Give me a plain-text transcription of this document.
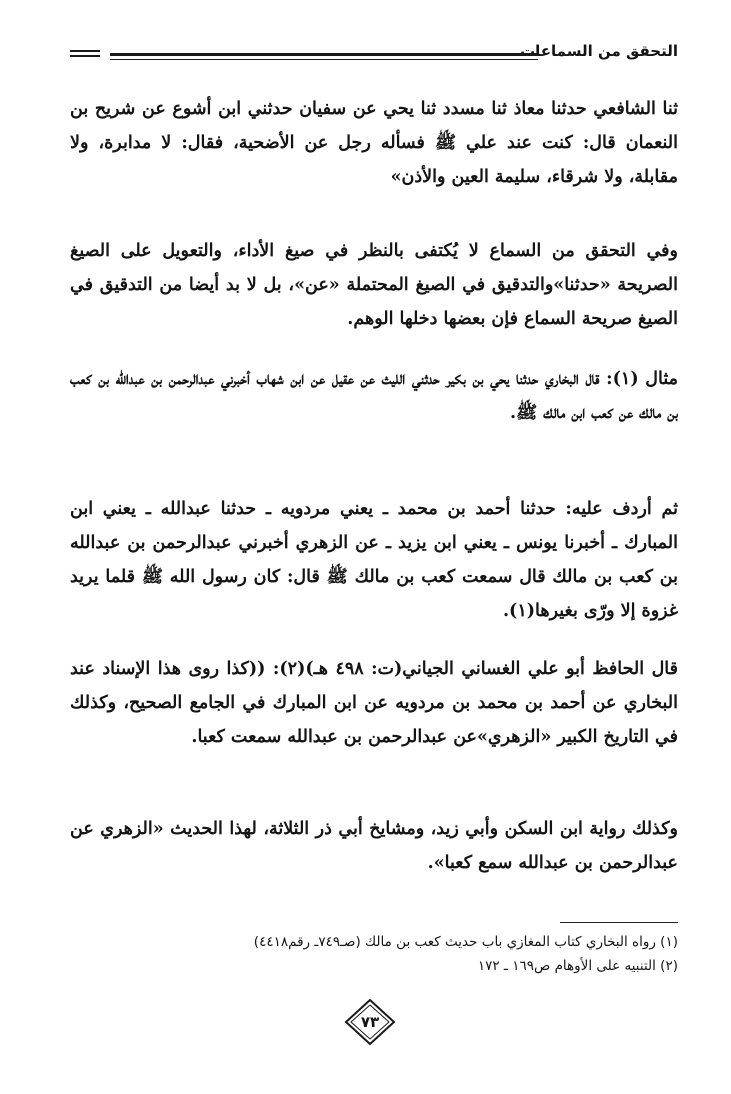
التحقق من السماعات

ثنا الشافعي حدثنا معاذ ثنا مسدد ثنا يحي عن سفيان حدثني ابن أشوع عن شريح بن النعمان قال: كنت عند علي ﷺ فسأله رجل عن الأضحية، فقال: لا مدابرة، ولا مقابلة، ولا شرقاء، سليمة العين والأذن»

وفي التحقق من السماع لا يُكتفى بالنظر في صيغ الأداء، والتعويل على الصيغ الصريحة «حدثنا»والتدقيق في الصيغ المحتملة «عن»، بل لا بد أيضا من التدقيق في الصيغ صريحة السماع فإن بعضها دخلها الوهم.

مثال (١): قال البخاري حدثنا يحي بن بكير حدثني الليث عن عقيل عن ابن شهاب أخبرني عبدالرحمن بن عبدالله بن كعب بن مالك عن كعب ابن مالك ﷺ.

ثم أردف عليه: حدثنا أحمد بن محمد ـ يعني مردويه ـ حدثنا عبدالله ـ يعني ابن المبارك ـ أخبرنا يونس ـ يعني ابن يزيد ـ عن الزهري أخبرني عبدالرحمن بن عبدالله بن كعب بن مالك قال سمعت كعب بن مالك ﷺ قال: كان رسول الله ﷺ قلما يريد غزوة إلا ورّى بغيرها(١).

قال الحافظ أبو علي الغساني الجياني(ت: ٤٩٨ هـ)(٢): ((كذا روى هذا الإسناد عند البخاري عن أحمد بن محمد بن مردويه عن ابن المبارك في الجامع الصحيح، وكذلك في التاريخ الكبير «الزهري»عن عبدالرحمن بن عبدالله سمعت كعبا.

وكذلك رواية ابن السكن وأبي زيد، ومشايخ أبي ذر الثلاثة، لهذا الحديث «الزهري عن عبدالرحمن بن عبدالله سمع كعبا».

(١) رواه البخاري كتاب المغازي باب حديث كعب بن مالك (صـ٧٤٩ـ رقم٤٤١٨)
(٢) التنبيه على الأوهام ص١٦٩ ـ ١٧٢
٧٣
